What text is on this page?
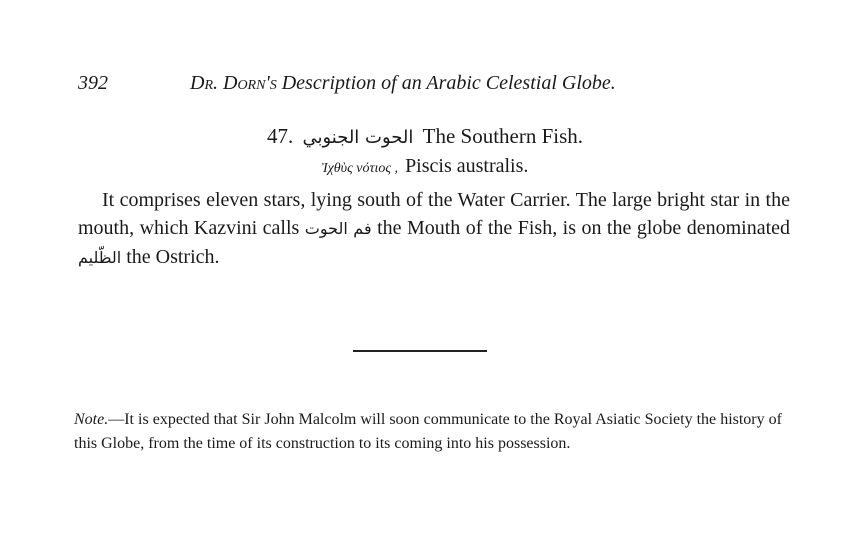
392	Dr. Dorn's Description of an Arabic Celestial Globe.
47. الحوت الجنوبي The Southern Fish.
Ἰχθὺς νότιος , Piscis australis.

It comprises eleven stars, lying south of the Water Carrier. The large bright star in the mouth, which Kazvini calls فم الحوت the Mouth of the Fish, is on the globe denominated الظّليم the Ostrich.

Note.—It is expected that Sir John Malcolm will soon communicate to the Royal Asiatic Society the history of this Globe, from the time of its construction to its coming into his possession.
